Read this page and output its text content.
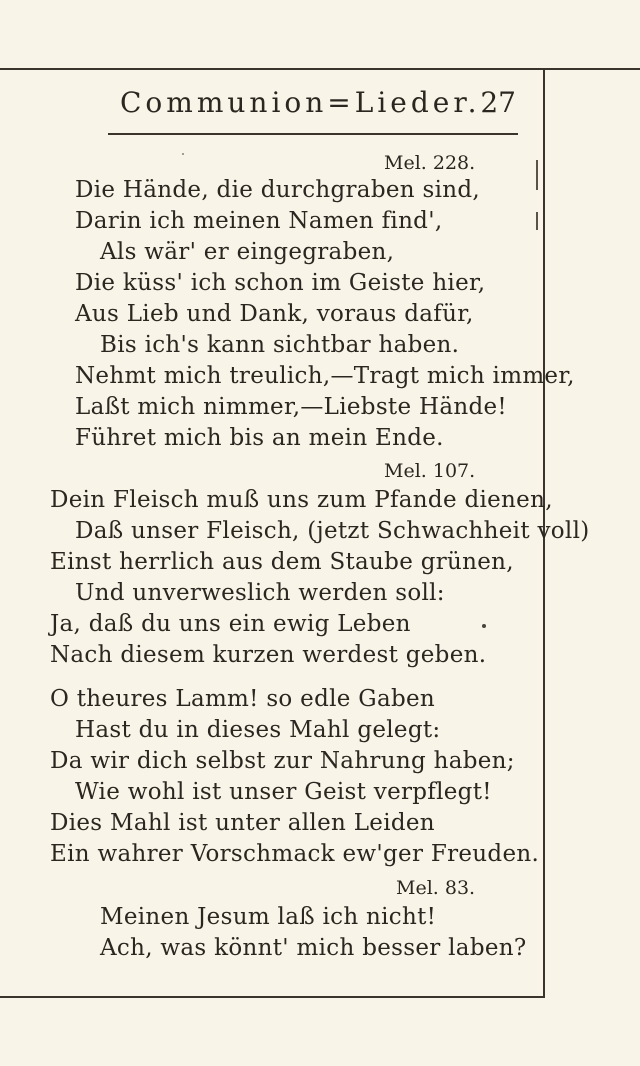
Communion=Lieder. 27
Mel. 228.
Die Hände, die durchgraben sind,
Darin ich meinen Namen find',
Als wär' er eingegraben,
Die küss' ich schon im Geiste hier,
Aus Lieb und Dank, voraus dafür,
Bis ich's kann sichtbar haben.
Nehmt mich treulich,—Tragt mich immer,
Laßt mich nimmer,—Liebste Hände!
Führet mich bis an mein Ende.
Mel. 107.
Dein Fleisch muß uns zum Pfande dienen,
Daß unser Fleisch, (jetzt Schwachheit voll)
Einst herrlich aus dem Staube grünen,
Und unverweslich werden soll:
Ja, daß du uns ein ewig Leben
Nach diesem kurzen werdest geben.
O theures Lamm! so edle Gaben
Hast du in dieses Mahl gelegt:
Da wir dich selbst zur Nahrung haben;
Wie wohl ist unser Geist verpflegt!
Dies Mahl ist unter allen Leiden
Ein wahrer Vorschmack ew'ger Freuden.
Mel. 83.
Meinen Jesum laß ich nicht!
Ach, was könnt' mich besser laben?
